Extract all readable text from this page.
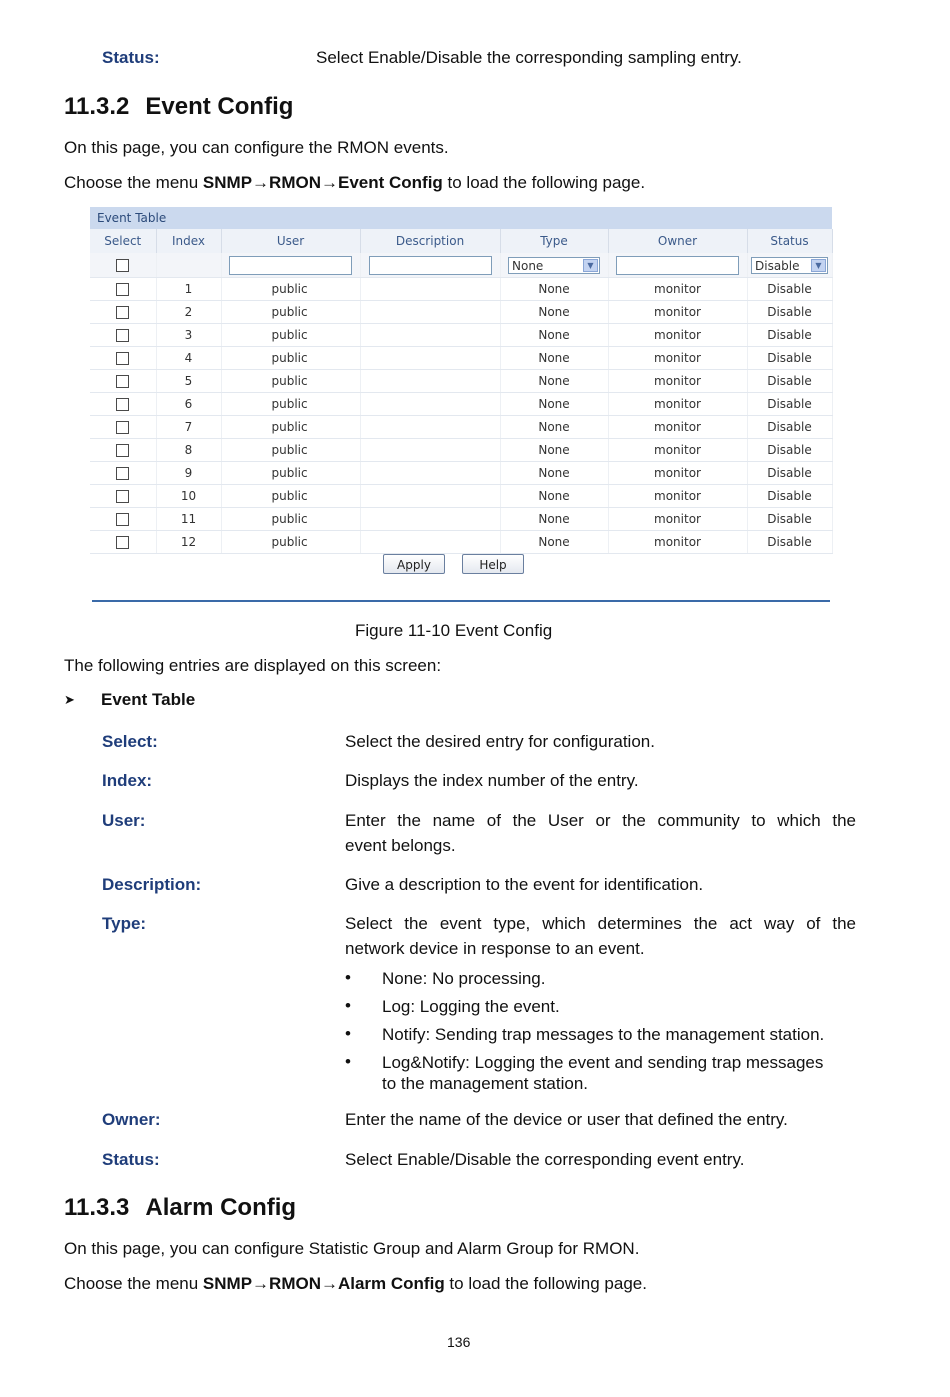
Status:	Select Enable/Disable the corresponding sampling entry.
11.3.2 Event Config
On this page, you can configure the RMON events.
Choose the menu SNMP→RMON→Event Config to load the following page.
Event Table
Select	Index	User	Description	Type	Owner	Status
				None ▼		Disable ▼

	1	public		None	monitor	Disable
	2	public		None	monitor	Disable
	3	public		None	monitor	Disable
	4	public		None	monitor	Disable
	5	public		None	monitor	Disable
	6	public		None	monitor	Disable
	7	public		None	monitor	Disable
	8	public		None	monitor	Disable
	9	public		None	monitor	Disable
	10	public		None	monitor	Disable
	11	public		None	monitor	Disable
	12	public		None	monitor	Disable
Apply	Help
Figure 11-10 Event Config
The following entries are displayed on this screen:
➤ Event Table
Select:	Select the desired entry for configuration.
Index:	Displays the index number of the entry.
User:	Enter the name of the User or the community to which the
event belongs.
Description:	Give a description to the event for identification.
Type:	Select the event type, which determines the act way of the
network device in response to an event.
• None: No processing.
• Log: Logging the event.
• Notify: Sending trap messages to the management station.
• Log&Notify: Logging the event and sending trap messages
to the management station.
Owner:	Enter the name of the device or user that defined the entry.
Status:	Select Enable/Disable the corresponding event entry.
11.3.3 Alarm Config
On this page, you can configure Statistic Group and Alarm Group for RMON.
Choose the menu SNMP→RMON→Alarm Config to load the following page.
136
